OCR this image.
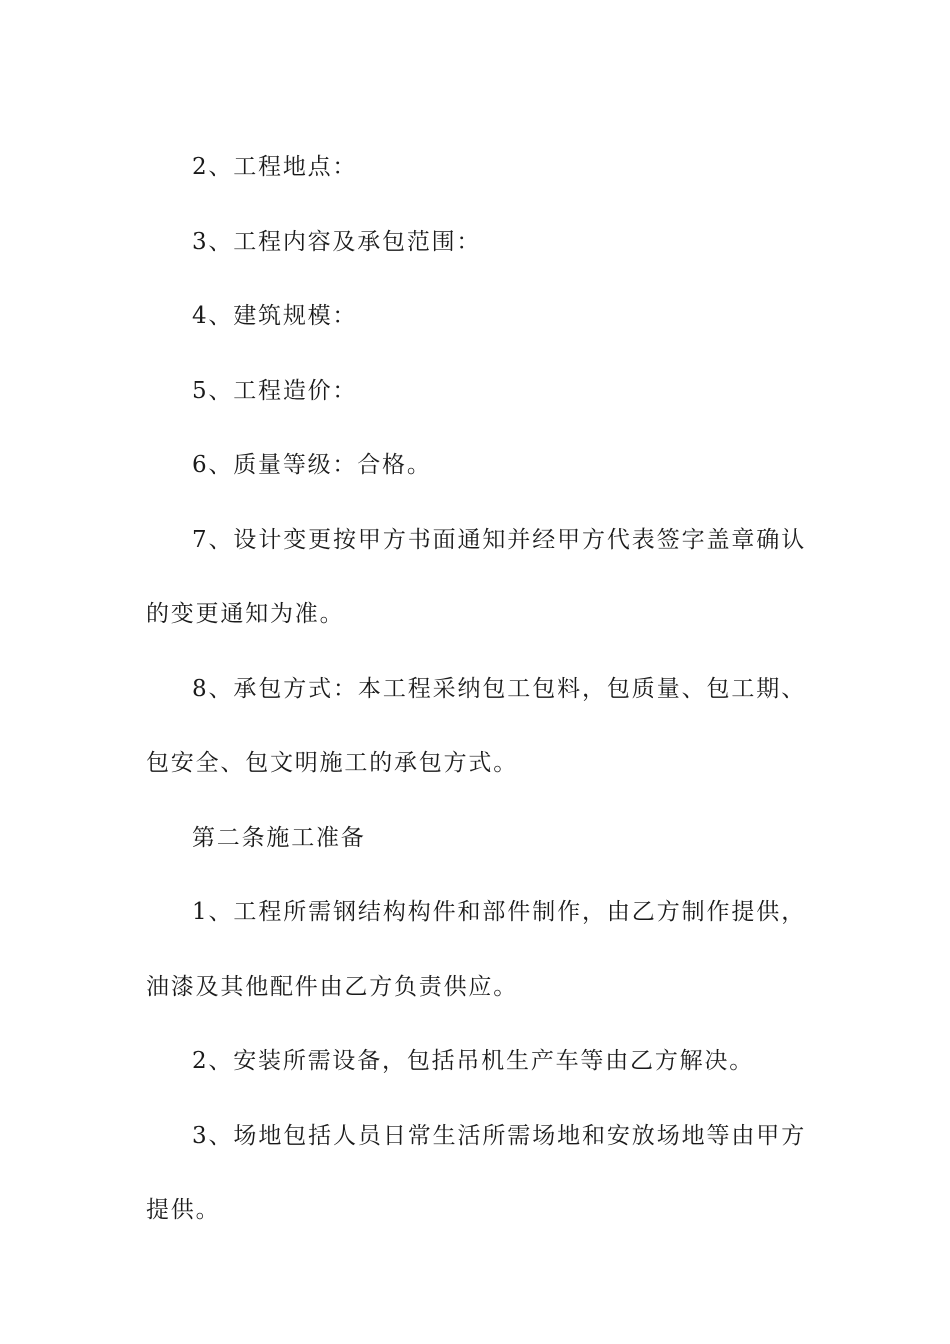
2、工程地点：

3、工程内容及承包范围：

4、建筑规模：

5、工程造价：

6、质量等级：合格。

7、设计变更按甲方书面通知并经甲方代表签字盖章确认的变更通知为准。

8、承包方式：本工程采纳包工包料，包质量、包工期、包安全、包文明施工的承包方式。

第二条施工准备

1、工程所需钢结构构件和部件制作，由乙方制作提供，油漆及其他配件由乙方负责供应。

2、安装所需设备，包括吊机生产车等由乙方解决。

3、场地包括人员日常生活所需场地和安放场地等由甲方提供。
